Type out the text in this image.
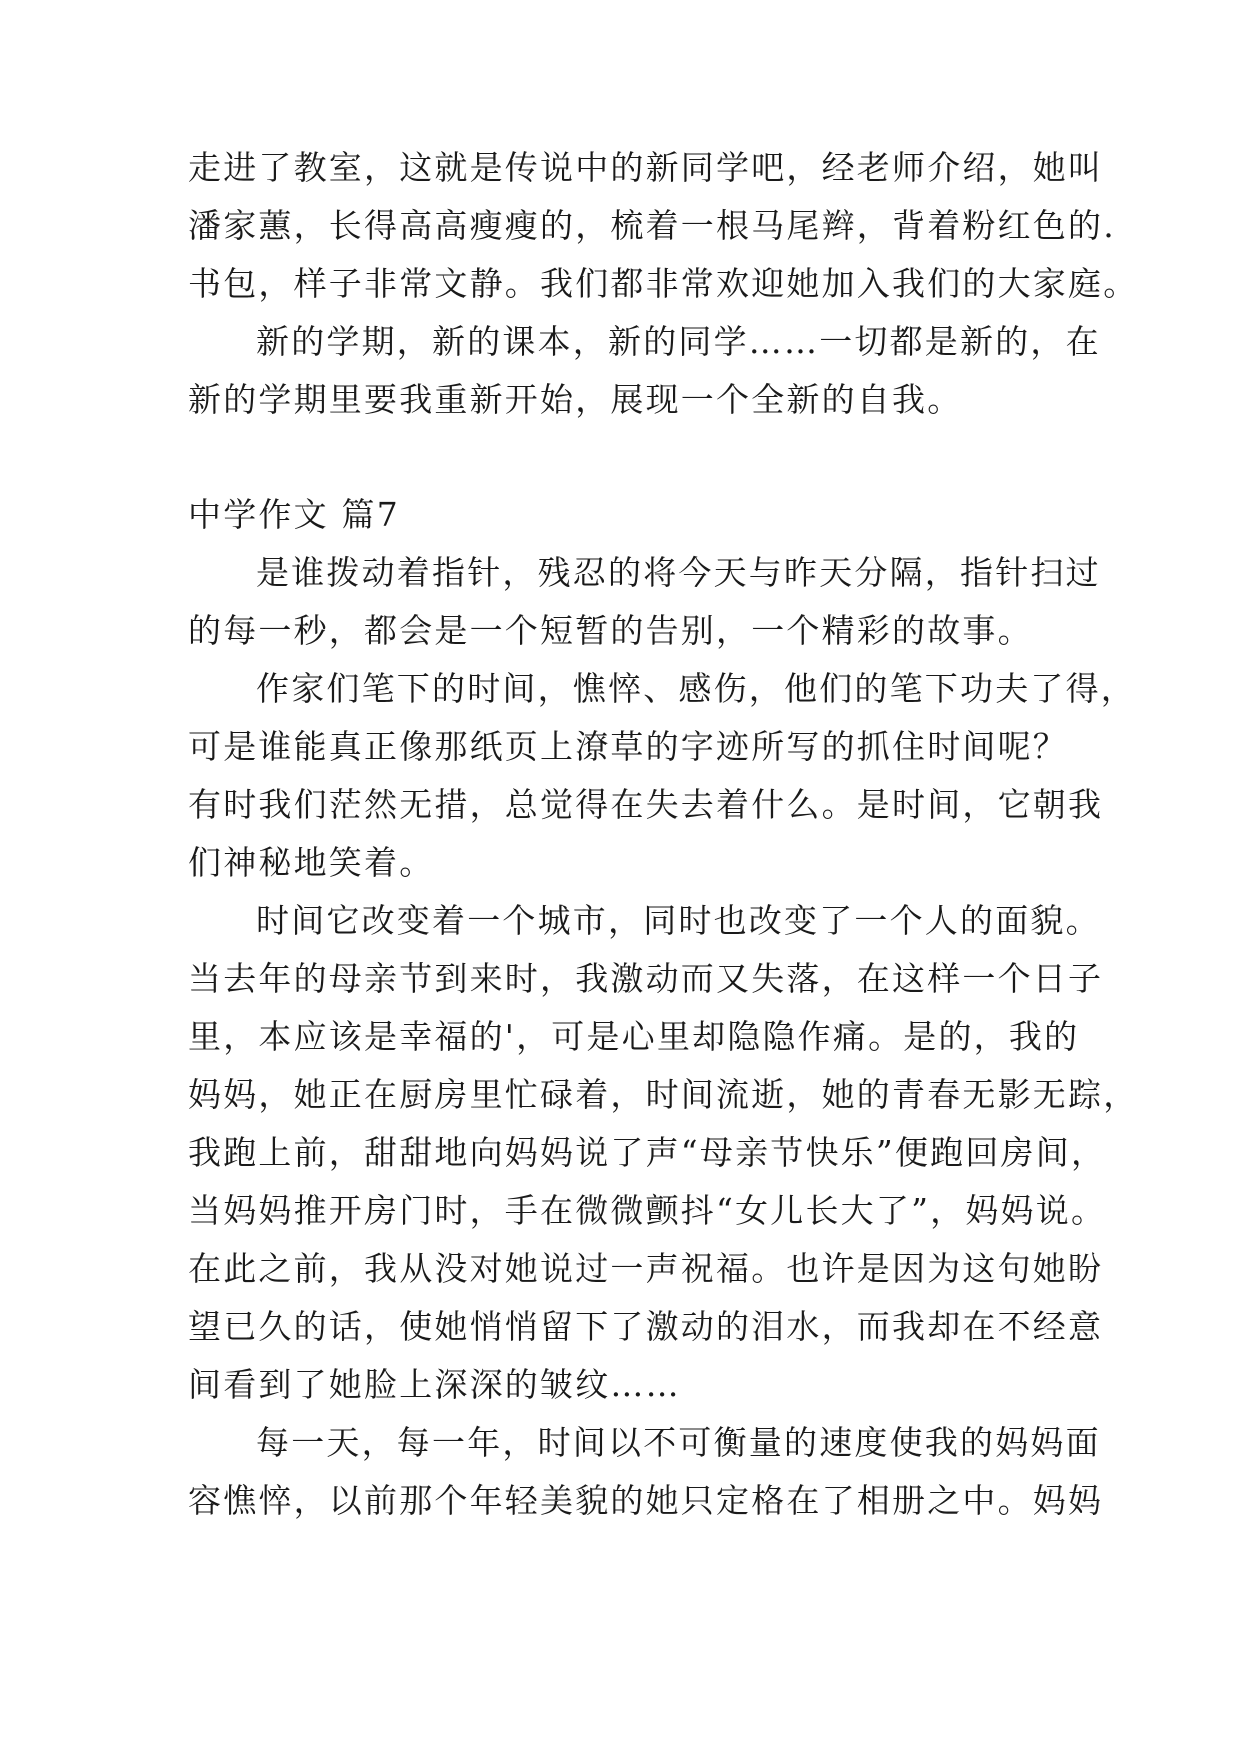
走进了教室，这就是传说中的新同学吧，经老师介绍，她叫
潘家蕙，长得高高瘦瘦的，梳着一根马尾辫，背着粉红色的.
书包，样子非常文静。我们都非常欢迎她加入我们的大家庭。
新的学期，新的课本，新的同学……一切都是新的，在
新的学期里要我重新开始，展现一个全新的自我。
中学作文 篇7
是谁拨动着指针，残忍的将今天与昨天分隔，指针扫过
的每一秒，都会是一个短暂的告别，一个精彩的故事。
作家们笔下的时间，憔悴、感伤，他们的笔下功夫了得，
可是谁能真正像那纸页上潦草的字迹所写的抓住时间呢？
有时我们茫然无措，总觉得在失去着什么。是时间，它朝我
们神秘地笑着。
时间它改变着一个城市，同时也改变了一个人的面貌。
当去年的母亲节到来时，我激动而又失落，在这样一个日子
里，本应该是幸福的'，可是心里却隐隐作痛。是的，我的
妈妈，她正在厨房里忙碌着，时间流逝，她的青春无影无踪，
我跑上前，甜甜地向妈妈说了声“母亲节快乐”便跑回房间，
当妈妈推开房门时，手在微微颤抖“女儿长大了”，妈妈说。
在此之前，我从没对她说过一声祝福。也许是因为这句她盼
望已久的话，使她悄悄留下了激动的泪水，而我却在不经意
间看到了她脸上深深的皱纹……
每一天，每一年，时间以不可衡量的速度使我的妈妈面
容憔悴，以前那个年轻美貌的她只定格在了相册之中。妈妈
